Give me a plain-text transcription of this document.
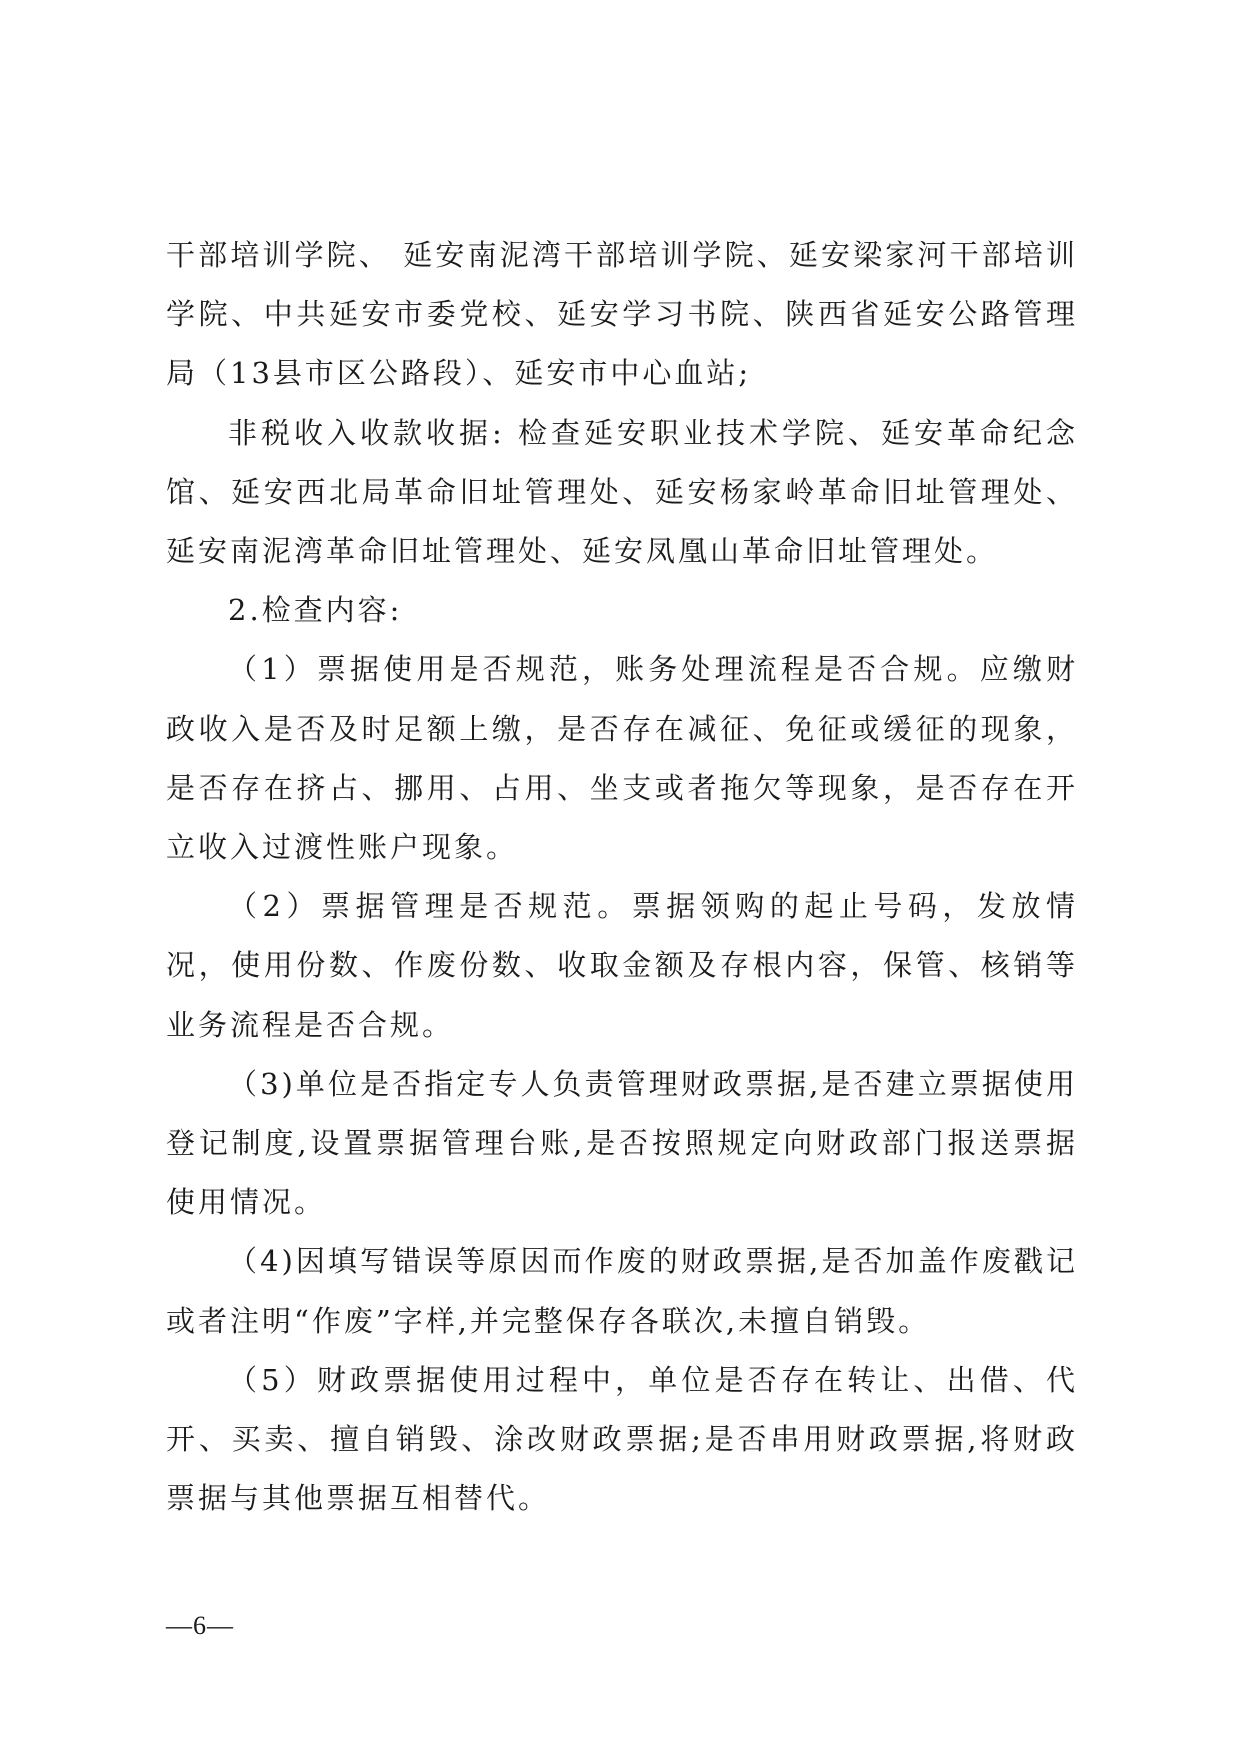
干部培训学院、 延安南泥湾干部培训学院、延安梁家河干部培训学院、中共延安市委党校、延安学习书院、陕西省延安公路管理局（13县市区公路段）、延安市中心血站;

非税收入收款收据: 检查延安职业技术学院、延安革命纪念馆、延安西北局革命旧址管理处、延安杨家岭革命旧址管理处、延安南泥湾革命旧址管理处、延安凤凰山革命旧址管理处。

2.检查内容:

（1）票据使用是否规范，账务处理流程是否合规。应缴财政收入是否及时足额上缴，是否存在减征、免征或缓征的现象，是否存在挤占、挪用、占用、坐支或者拖欠等现象，是否存在开立收入过渡性账户现象。

（2）票据管理是否规范。票据领购的起止号码，发放情况，使用份数、作废份数、收取金额及存根内容，保管、核销等业务流程是否合规。

（3)单位是否指定专人负责管理财政票据,是否建立票据使用登记制度,设置票据管理台账,是否按照规定向财政部门报送票据使用情况。

（4)因填写错误等原因而作废的财政票据,是否加盖作废戳记或者注明“作废”字样,并完整保存各联次,未擅自销毁。

（5）财政票据使用过程中，单位是否存在转让、出借、代开、买卖、擅自销毁、涂改财政票据;是否串用财政票据,将财政票据与其他票据互相替代。

—6—
